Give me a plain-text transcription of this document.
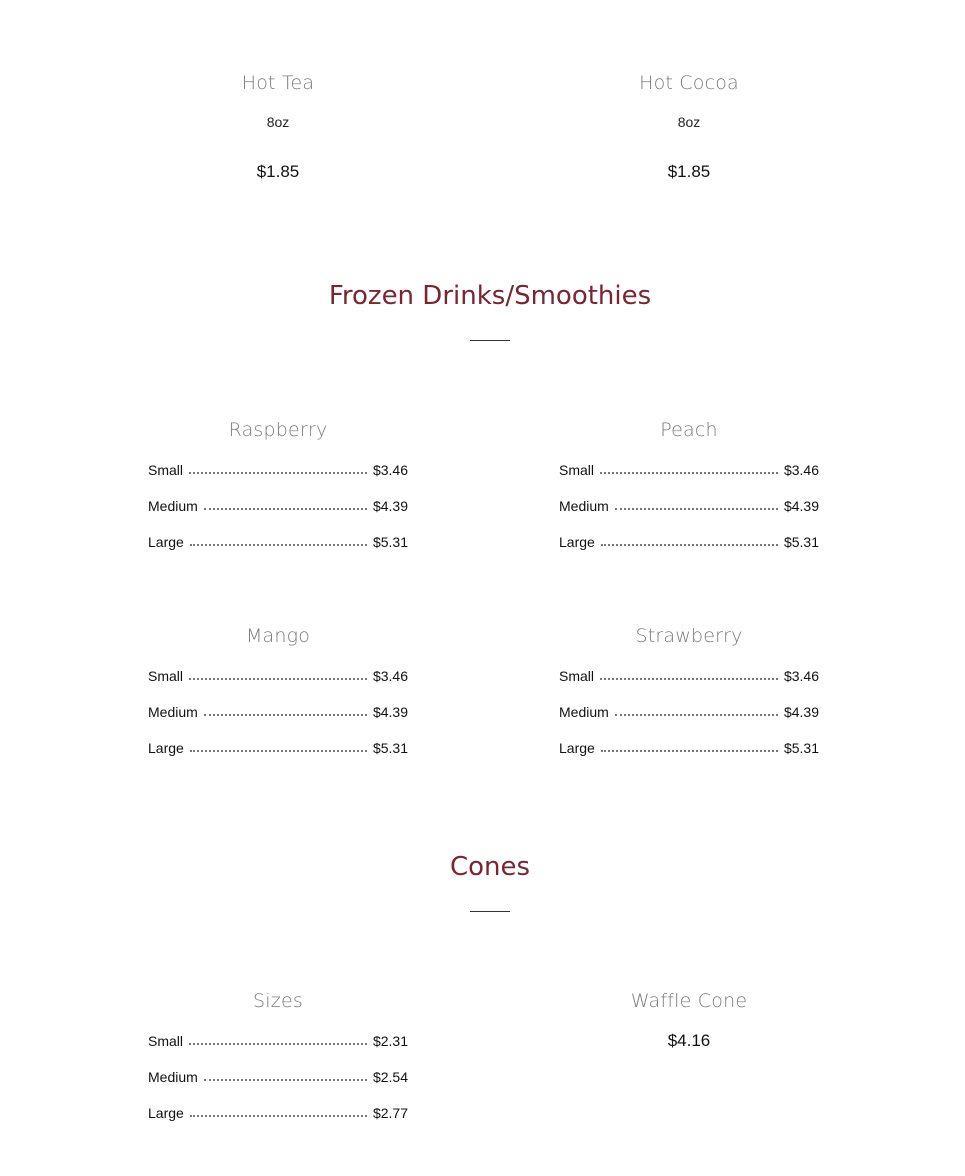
Hot Tea
8oz
$1.85
Hot Cocoa
8oz
$1.85
Frozen Drinks/Smoothies
Raspberry
Small	$3.46
Medium	$4.39
Large	$5.31
Peach
Small	$3.46
Medium	$4.39
Large	$5.31
Mango
Small	$3.46
Medium	$4.39
Large	$5.31
Strawberry
Small	$3.46
Medium	$4.39
Large	$5.31
Cones
Sizes
Small	$2.31
Medium	$2.54
Large	$2.77
Waffle Cone
$4.16
